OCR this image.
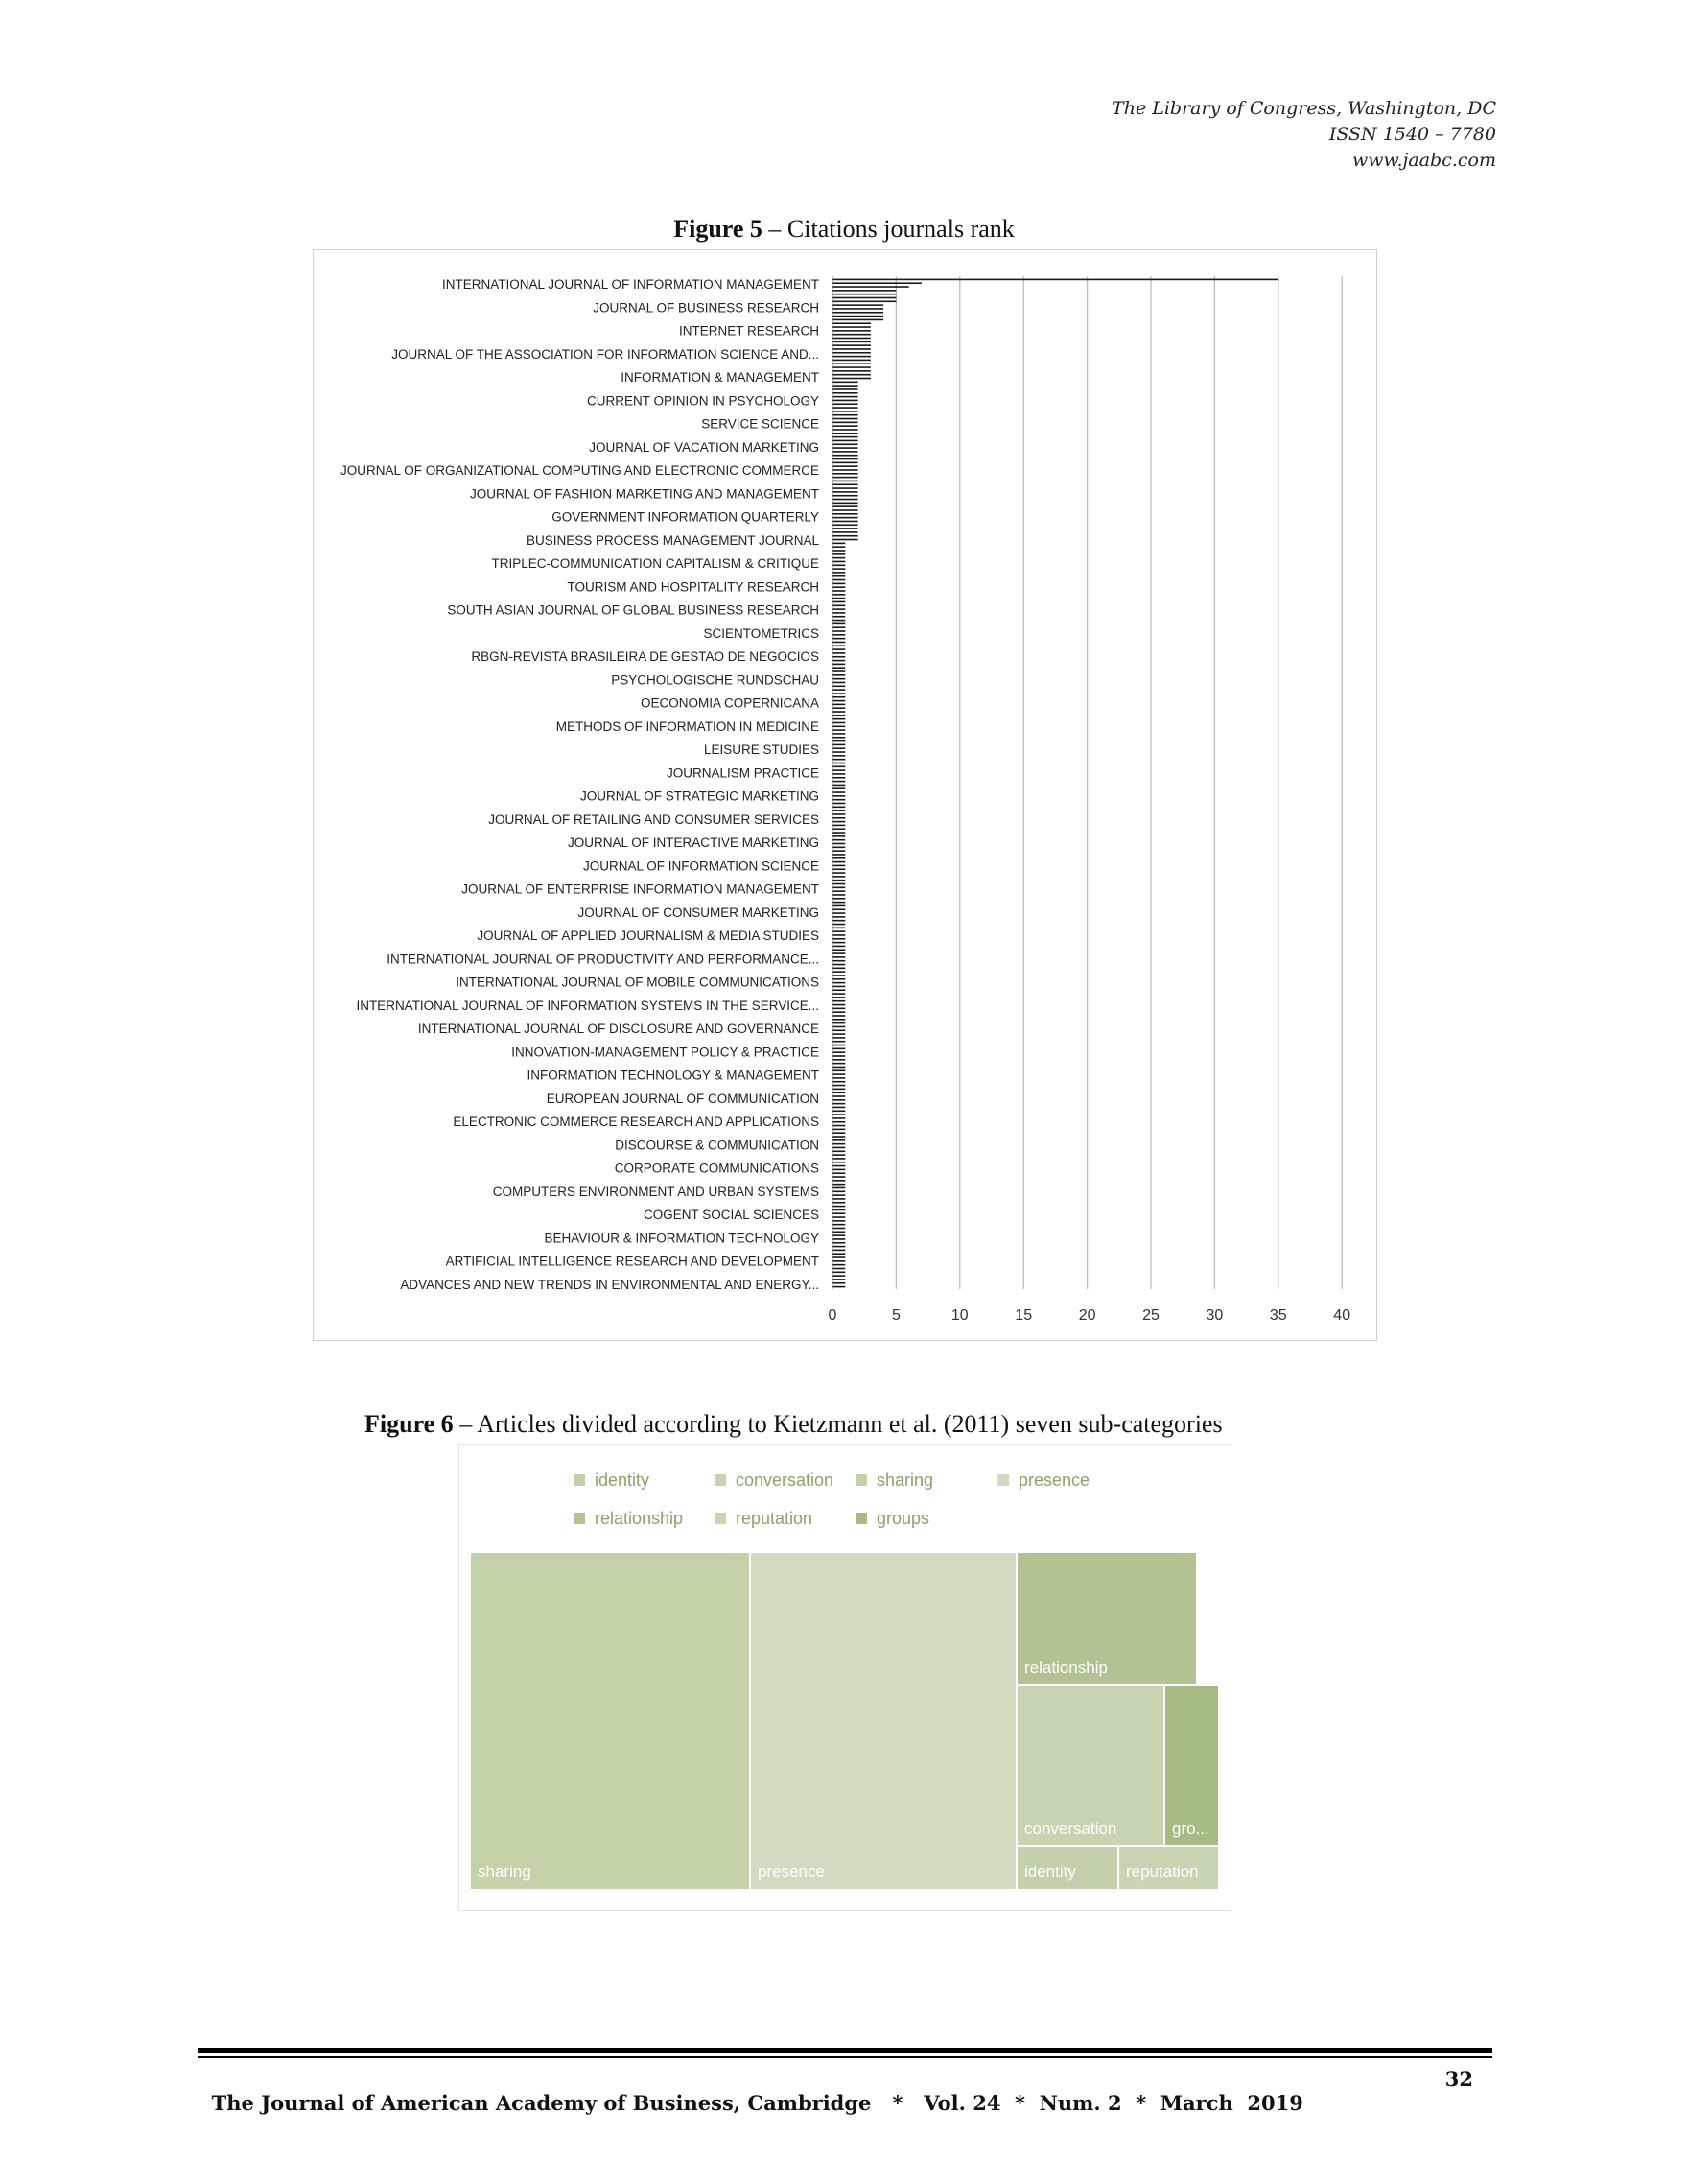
The Library of Congress, Washington, DC
ISSN 1540 – 7780
www.jaabc.com
Figure 5 – Citations journals rank
INTERNATIONAL JOURNAL OF INFORMATION MANAGEMENT
JOURNAL OF BUSINESS RESEARCH
INTERNET RESEARCH
JOURNAL OF THE ASSOCIATION FOR INFORMATION SCIENCE AND...
INFORMATION & MANAGEMENT
CURRENT OPINION IN PSYCHOLOGY
SERVICE SCIENCE
JOURNAL OF VACATION MARKETING
JOURNAL OF ORGANIZATIONAL COMPUTING AND ELECTRONIC COMMERCE
JOURNAL OF FASHION MARKETING AND MANAGEMENT
GOVERNMENT INFORMATION QUARTERLY
BUSINESS PROCESS MANAGEMENT JOURNAL
TRIPLEC-COMMUNICATION CAPITALISM & CRITIQUE
TOURISM AND HOSPITALITY RESEARCH
SOUTH ASIAN JOURNAL OF GLOBAL BUSINESS RESEARCH
SCIENTOMETRICS
RBGN-REVISTA BRASILEIRA DE GESTAO DE NEGOCIOS
PSYCHOLOGISCHE RUNDSCHAU
OECONOMIA COPERNICANA
METHODS OF INFORMATION IN MEDICINE
LEISURE STUDIES
JOURNALISM PRACTICE
JOURNAL OF STRATEGIC MARKETING
JOURNAL OF RETAILING AND CONSUMER SERVICES
JOURNAL OF INTERACTIVE MARKETING
JOURNAL OF INFORMATION SCIENCE
JOURNAL OF ENTERPRISE INFORMATION MANAGEMENT
JOURNAL OF CONSUMER MARKETING
JOURNAL OF APPLIED JOURNALISM & MEDIA STUDIES
INTERNATIONAL JOURNAL OF PRODUCTIVITY AND PERFORMANCE...
INTERNATIONAL JOURNAL OF MOBILE COMMUNICATIONS
INTERNATIONAL JOURNAL OF INFORMATION SYSTEMS IN THE SERVICE...
INTERNATIONAL JOURNAL OF DISCLOSURE AND GOVERNANCE
INNOVATION-MANAGEMENT POLICY & PRACTICE
INFORMATION TECHNOLOGY & MANAGEMENT
EUROPEAN JOURNAL OF COMMUNICATION
ELECTRONIC COMMERCE RESEARCH AND APPLICATIONS
DISCOURSE & COMMUNICATION
CORPORATE COMMUNICATIONS
COMPUTERS ENVIRONMENT AND URBAN SYSTEMS
COGENT SOCIAL SCIENCES
BEHAVIOUR & INFORMATION TECHNOLOGY
ARTIFICIAL INTELLIGENCE RESEARCH AND DEVELOPMENT
ADVANCES AND NEW TRENDS IN ENVIRONMENTAL AND ENERGY...
0	5	10	15	20	25	30	35	40
Figure 6 – Articles divided according to Kietzmann et al. (2011) seven sub-categories
identity	conversation sharing	presence
relationship	reputation	groups
sharing	presence
relationship
conversation	gro...
identity	reputation

The Journal of American Academy of Business, Cambridge   *   Vol. 24  *  Num. 2  *  March  2019

32
